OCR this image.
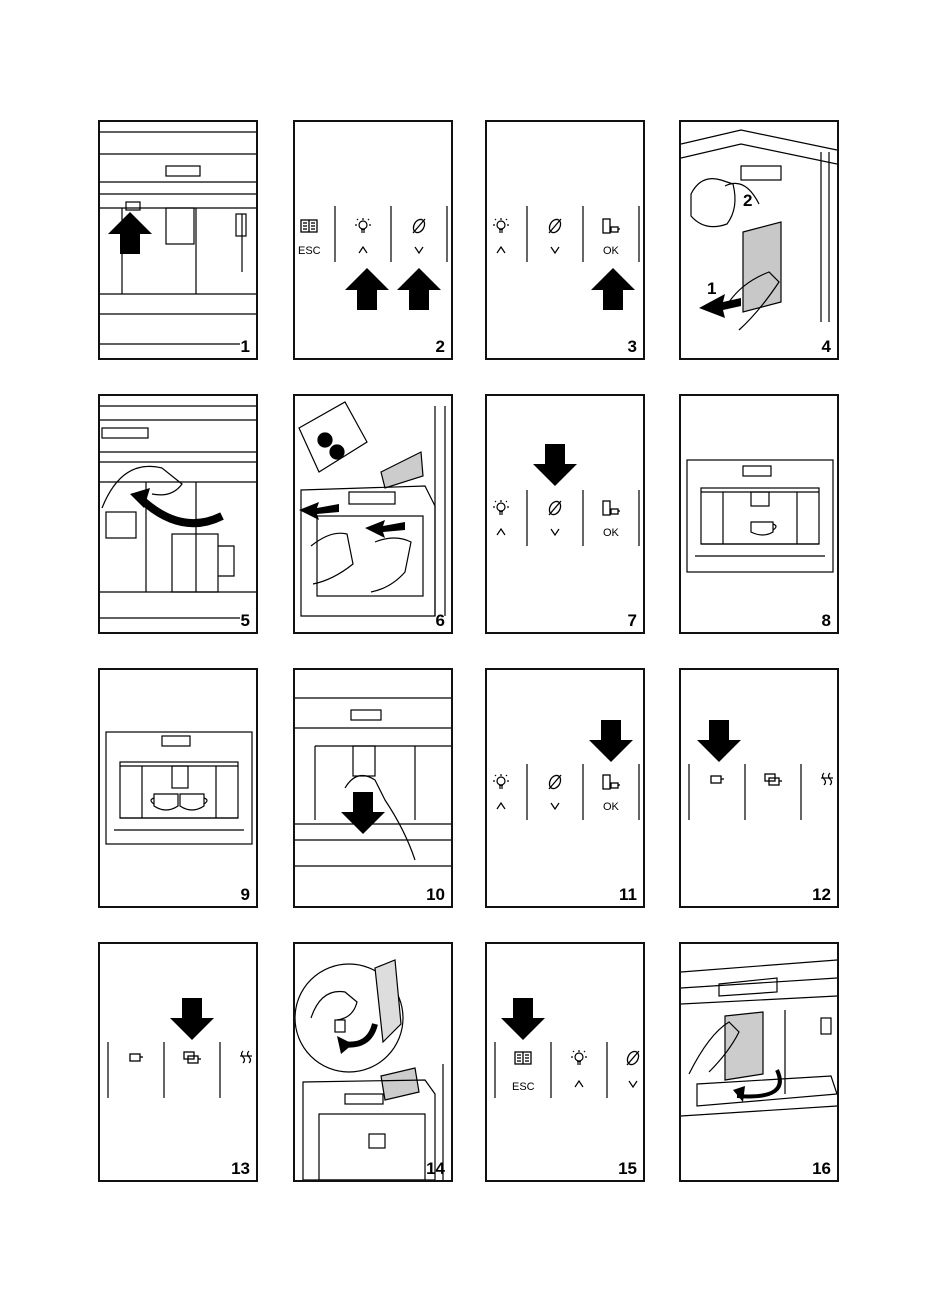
1
ESC
2
OK
3
1
2
4
5	6
OK
7	8
9	10
OK
11	12
13	14
ESC
15	16
